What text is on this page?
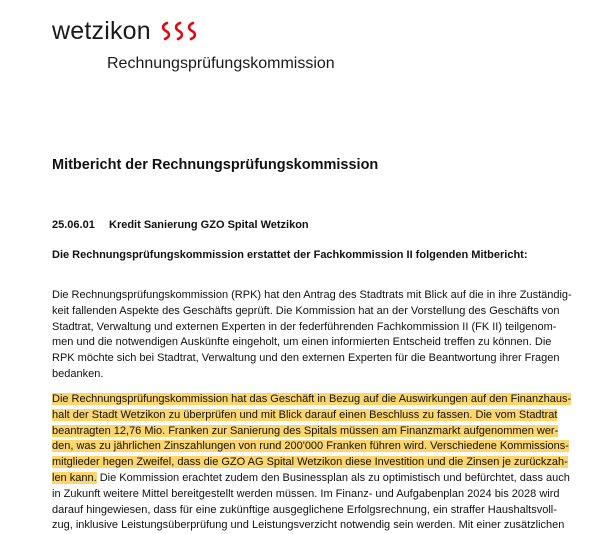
wetzikon
Rechnungsprüfungskommission
Mitbericht der Rechnungsprüfungskommission
25.06.01 Kredit Sanierung GZO Spital Wetzikon
Die Rechnungsprüfungskommission erstattet der Fachkommission II folgenden Mitbericht:
Die Rechnungsprüfungskommission (RPK) hat den Antrag des Stadtrats mit Blick auf die in ihre Zuständig-
keit fallenden Aspekte des Geschäfts geprüft. Die Kommission hat an der Vorstellung des Geschäfts von
Stadtrat, Verwaltung und externen Experten in der federführenden Fachkommission II (FK II) teilgenom-
men und die notwendigen Auskünfte eingeholt, um einen informierten Entscheid treffen zu können. Die
RPK möchte sich bei Stadtrat, Verwaltung und den externen Experten für die Beantwortung ihrer Fragen
bedanken.
Die Rechnungsprüfungskommission hat das Geschäft in Bezug auf die Auswirkungen auf den Finanzhaus-
halt der Stadt Wetzikon zu überprüfen und mit Blick darauf einen Beschluss zu fassen. Die vom Stadtrat
beantragten 12,76 Mio. Franken zur Sanierung des Spitals müssen am Finanzmarkt aufgenommen wer-
den, was zu jährlichen Zinszahlungen von rund 200'000 Franken führen wird. Verschiedene Kommissions-
mitglieder hegen Zweifel, dass die GZO AG Spital Wetzikon diese Investition und die Zinsen je zurückzah-
len kann. Die Kommission erachtet zudem den Businessplan als zu optimistisch und befürchtet, dass auch
in Zukunft weitere Mittel bereitgestellt werden müssen. Im Finanz- und Aufgabenplan 2024 bis 2028 wird
darauf hingewiesen, dass für eine zukünftige ausgeglichene Erfolgsrechnung, ein straffer Haushaltsvoll-
zug, inklusive Leistungsüberprüfung und Leistungsverzicht notwendig sein werden. Mit einer zusätzlichen
